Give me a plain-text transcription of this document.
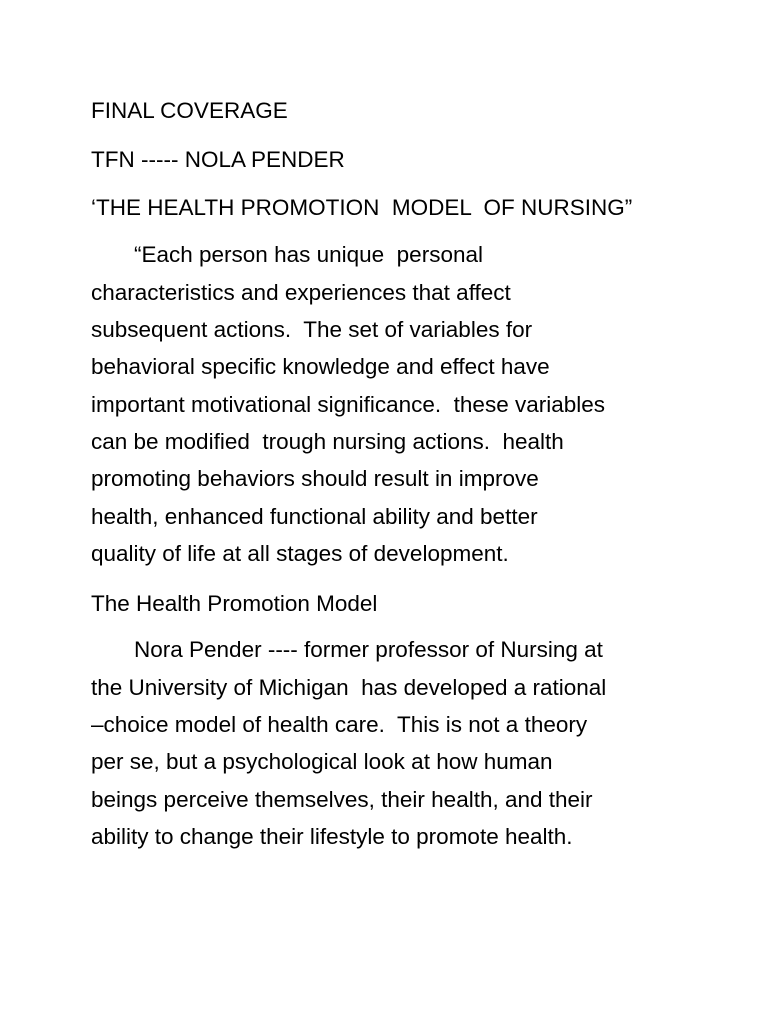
FINAL COVERAGE

TFN ----- NOLA PENDER

‘THE HEALTH PROMOTION  MODEL  OF NURSING”

“Each person has unique  personal

characteristics and experiences that affect

subsequent actions.  The set of variables for

behavioral specific knowledge and effect have

important motivational significance.  these variables

can be modified  trough nursing actions.  health

promoting behaviors should result in improve

health, enhanced functional ability and better

quality of life at all stages of development.

The Health Promotion Model

Nora Pender ---- former professor of Nursing at

the University of Michigan  has developed a rational

–choice model of health care.  This is not a theory

per se, but a psychological look at how human

beings perceive themselves, their health, and their

ability to change their lifestyle to promote health.
